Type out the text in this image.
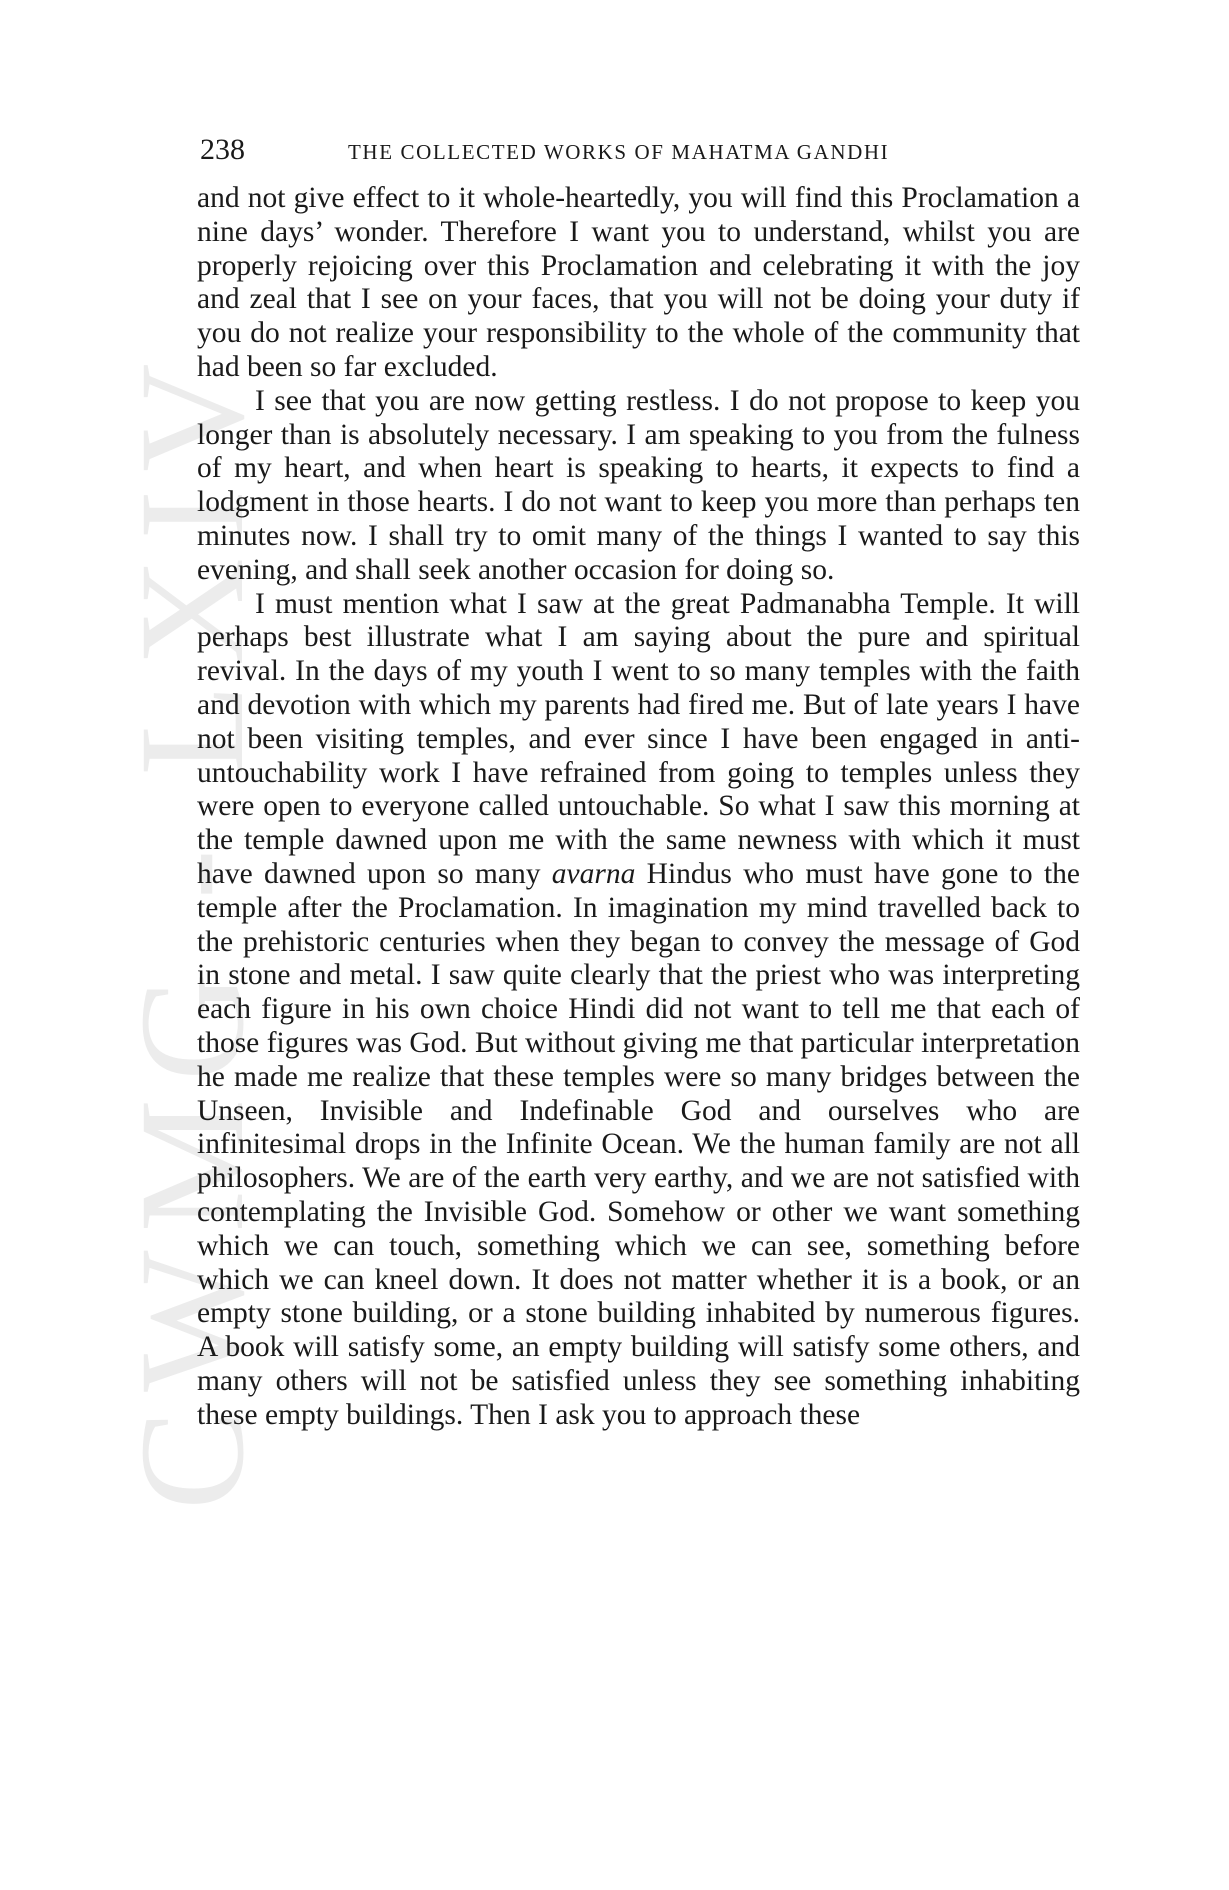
CWMG - LXIV
238	THE COLLECTED WORKS OF MAHATMA GANDHI

and not give effect to it whole-heartedly, you will find this Proclamation a nine days’ wonder. Therefore I want you to understand, whilst you are properly rejoicing over this Proclamation and celebrating it with the joy and zeal that I see on your faces, that you will not be doing your duty if you do not realize your responsibility to the whole of the community that had been so far excluded.

I see that you are now getting restless. I do not propose to keep you longer than is absolutely necessary. I am speaking to you from the fulness of my heart, and when heart is speaking to hearts, it expects to find a lodgment in those hearts. I do not want to keep you more than perhaps ten minutes now. I shall try to omit many of the things I wanted to say this evening, and shall seek another occasion for doing so.

I must mention what I saw at the great Padmanabha Temple. It will perhaps best illustrate what I am saying about the pure and spiritual revival. In the days of my youth I went to so many temples with the faith and devotion with which my parents had fired me. But of late years I have not been visiting temples, and ever since I have been engaged in anti-untouchability work I have refrained from going to temples unless they were open to everyone called untouchable. So what I saw this morning at the temple dawned upon me with the same newness with which it must have dawned upon so many avarna Hindus who must have gone to the temple after the Proclamation. In imagination my mind travelled back to the prehistoric centuries when they began to convey the message of God in stone and metal. I saw quite clearly that the priest who was interpreting each figure in his own choice Hindi did not want to tell me that each of those figures was God. But without giving me that particular interpretation he made me realize that these temples were so many bridges between the Unseen, Invisible and Indefinable God and ourselves who are infinitesimal drops in the Infinite Ocean. We the human family are not all philosophers. We are of the earth very earthy, and we are not satisfied with contemplating the Invisible God. Somehow or other we want something which we can touch, something which we can see, something before which we can kneel down. It does not matter whether it is a book, or an empty stone building, or a stone building inhabited by numerous figures. A book will satisfy some, an empty building will satisfy some others, and many others will not be satisfied unless they see something inhabiting these empty buildings. Then I ask you to approach these
